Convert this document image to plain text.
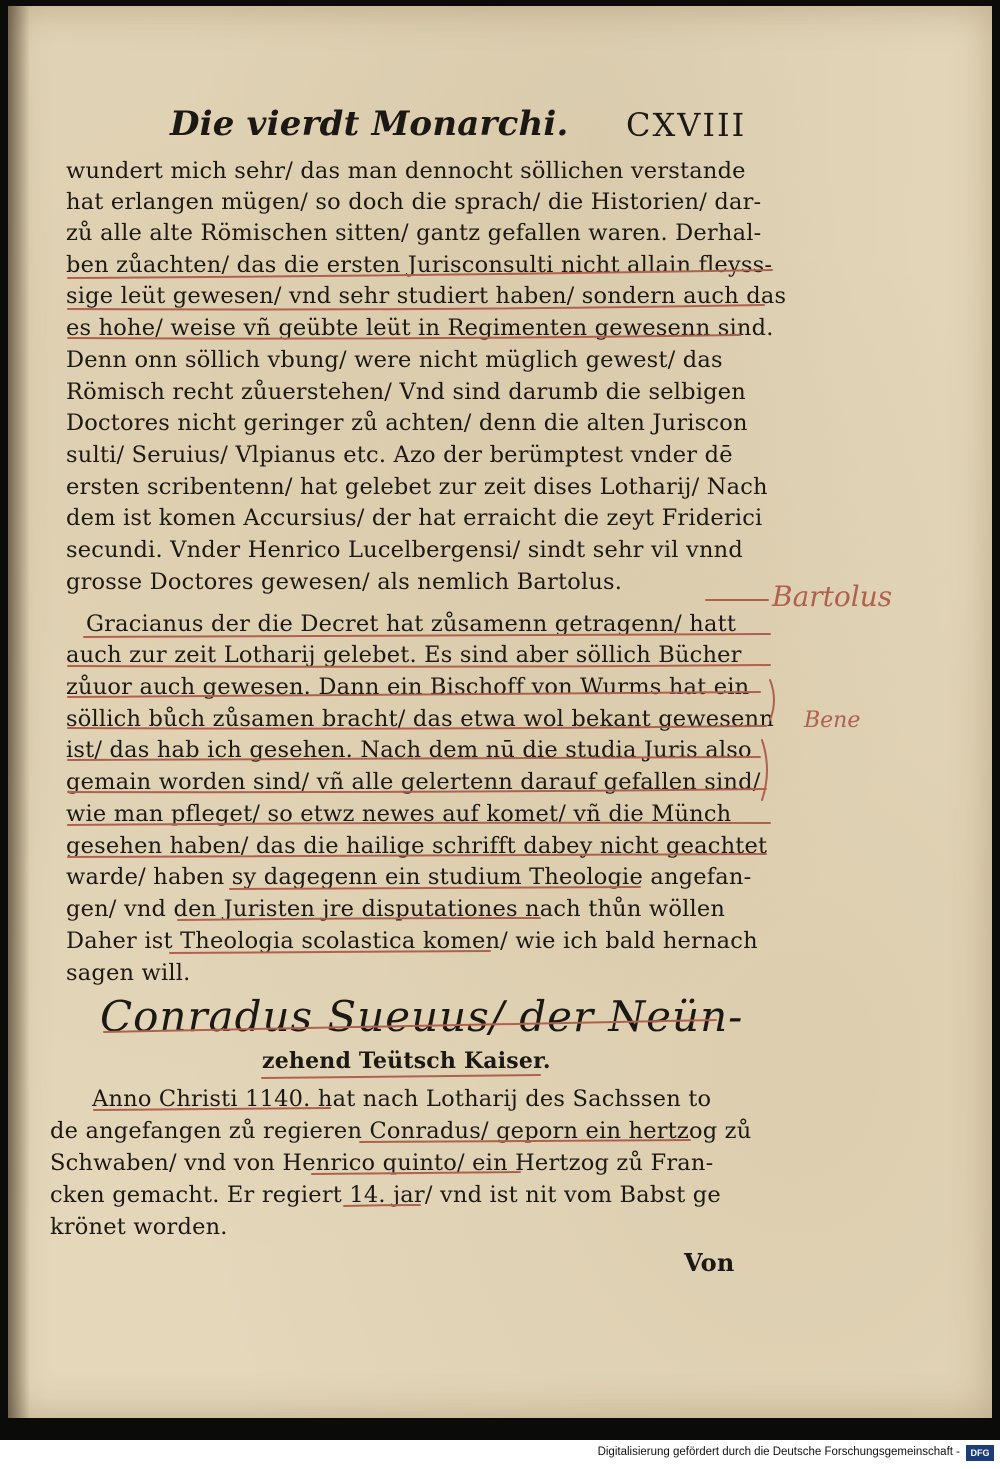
Die vierdt Monarchi. CXVIII
wundert mich sehr/ das man dennocht söllichen verstande
hat erlangen mügen/ so doch die sprach/ die Historien/ dar-
zů alle alte Römischen sitten/ gantz gefallen waren. Derhal-
ben zůachten/ das die ersten Jurisconsulti nicht allain fleyss-
sige leüt gewesen/ vnd sehr studiert haben/ sondern auch das
es hohe/ weise vñ geübte leüt in Regimenten gewesenn sind.
Denn onn söllich vbung/ were nicht müglich gewest/ das
Römisch recht zůuerstehen/ Vnd sind darumb die selbigen
Doctores nicht geringer zů achten/ denn die alten Juriscon
sulti/ Seruius/ Vlpianus etc. Azo der berümptest vnder dē
ersten scribentenn/ hat gelebet zur zeit dises Lotharij/ Nach
dem ist komen Accursius/ der hat erraicht die zeyt Friderici
secundi. Vnder Henrico Lucelbergensi/ sindt sehr vil vnnd
grosse Doctores gewesen/ als nemlich Bartolus.
Gracianus der die Decret hat zůsamenn getragenn/ hatt
auch zur zeit Lotharij gelebet. Es sind aber söllich Bücher
zůuor auch gewesen. Dann ein Bischoff von Wurms hat ein
söllich bůch zůsamen bracht/ das etwa wol bekant gewesenn
ist/ das hab ich gesehen. Nach dem nū die studia Juris also
gemain worden sind/ vñ alle gelertenn darauf gefallen sind/
wie man pfleget/ so etwz newes auf komet/ vñ die Münch
gesehen haben/ das die hailige schrifft dabey nicht geachtet
warde/ haben sy dagegenn ein studium Theologie angefan-
gen/ vnd den Juristen jre disputationes nach thůn wöllen
Daher ist Theologia scolastica komen/ wie ich bald hernach
sagen will.
Conradus Sueuus/ der Neün-
zehend Teütsch Kaiser.
Anno Christi 1140. hat nach Lotharij des Sachssen to
de angefangen zů regieren Conradus/ geporn ein hertzog zů
Schwaben/ vnd von Henrico quinto/ ein Hertzog zů Fran-
cken gemacht. Er regiert 14. jar/ vnd ist nit vom Babst ge
krönet worden.
Von
Bartolus
Bene
Digitalisierung gefördert durch die Deutsche Forschungsgemeinschaft -	DFG
